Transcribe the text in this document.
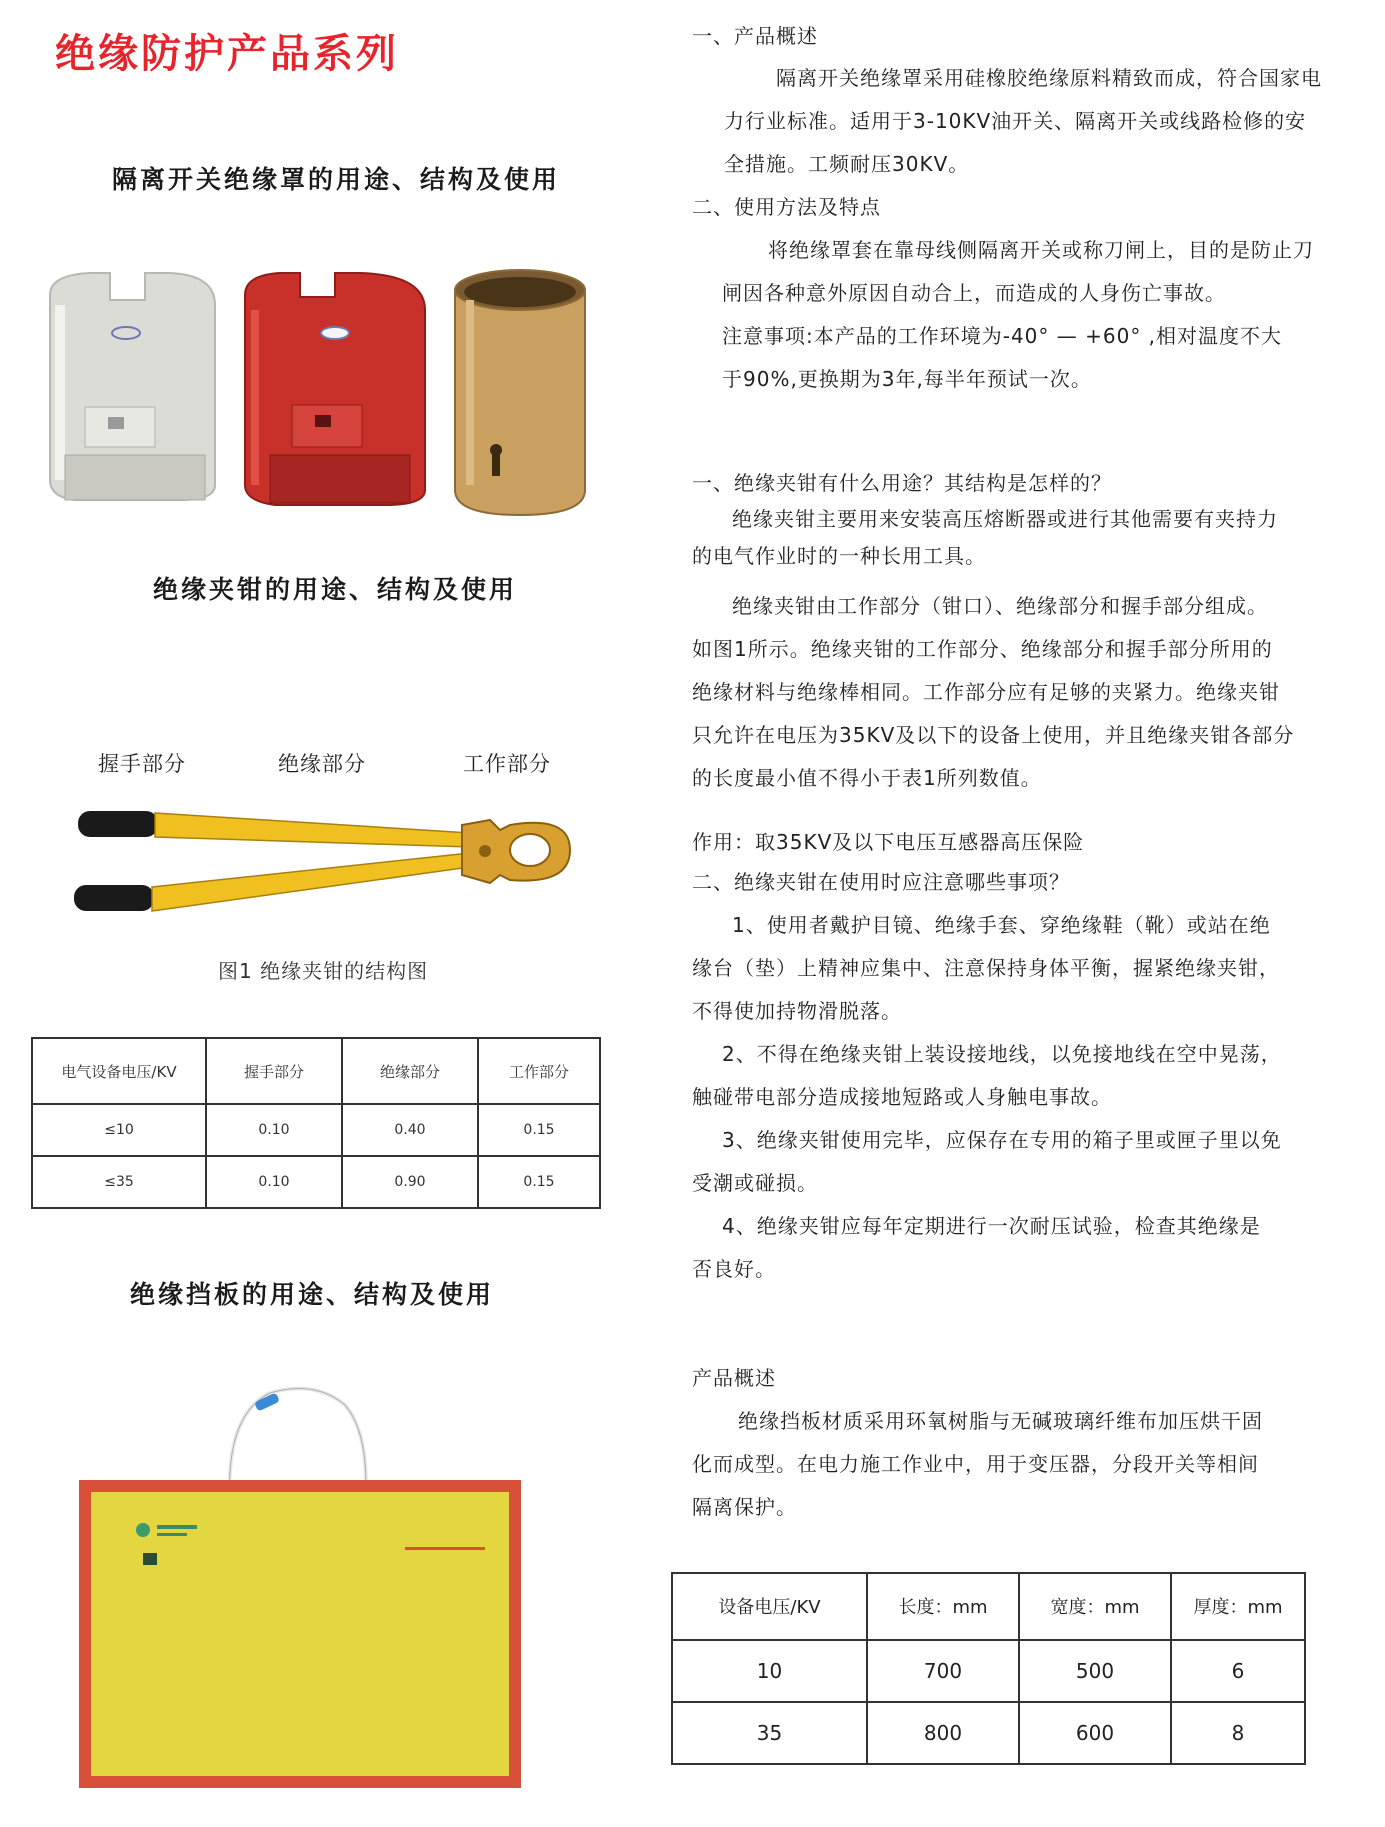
绝缘防护产品系列
隔离开关绝缘罩的用途、结构及使用
绝缘夹钳的用途、结构及使用
握手部分	绝缘部分	工作部分
图1 绝缘夹钳的结构图
电气设备电压/KV	握手部分	绝缘部分	工作部分
≤10	0.10	0.40	0.15
≤35	0.10	0.90	0.15
绝缘挡板的用途、结构及使用
一、产品概述
隔离开关绝缘罩采用硅橡胶绝缘原料精致而成，符合国家电
力行业标准。适用于3-10KV油开关、隔离开关或线路检修的安
全措施。工频耐压30KV。
二、使用方法及特点
将绝缘罩套在靠母线侧隔离开关或称刀闸上，目的是防止刀
闸因各种意外原因自动合上，而造成的人身伤亡事故。
注意事项:本产品的工作环境为-40° — +60° ,相对温度不大
于90%,更换期为3年,每半年预试一次。
一、绝缘夹钳有什么用途？其结构是怎样的？
绝缘夹钳主要用来安装高压熔断器或进行其他需要有夹持力
的电气作业时的一种长用工具。
绝缘夹钳由工作部分（钳口）、绝缘部分和握手部分组成。
如图1所示。绝缘夹钳的工作部分、绝缘部分和握手部分所用的
绝缘材料与绝缘棒相同。工作部分应有足够的夹紧力。绝缘夹钳
只允许在电压为35KV及以下的设备上使用，并且绝缘夹钳各部分
的长度最小值不得小于表1所列数值。
作用：取35KV及以下电压互感器高压保险
二、绝缘夹钳在使用时应注意哪些事项？
1、使用者戴护目镜、绝缘手套、穿绝缘鞋（靴）或站在绝
缘台（垫）上精神应集中、注意保持身体平衡，握紧绝缘夹钳，
不得使加持物滑脱落。
2、不得在绝缘夹钳上装设接地线，以免接地线在空中晃荡，
触碰带电部分造成接地短路或人身触电事故。
3、绝缘夹钳使用完毕，应保存在专用的箱子里或匣子里以免
受潮或碰损。
4、绝缘夹钳应每年定期进行一次耐压试验，检查其绝缘是
否良好。
产品概述
绝缘挡板材质采用环氧树脂与无碱玻璃纤维布加压烘干固
化而成型。在电力施工作业中，用于变压器，分段开关等相间
隔离保护。
设备电压/KV	长度：mm	宽度：mm	厚度：mm
10	700	500	6
35	800	600	8
